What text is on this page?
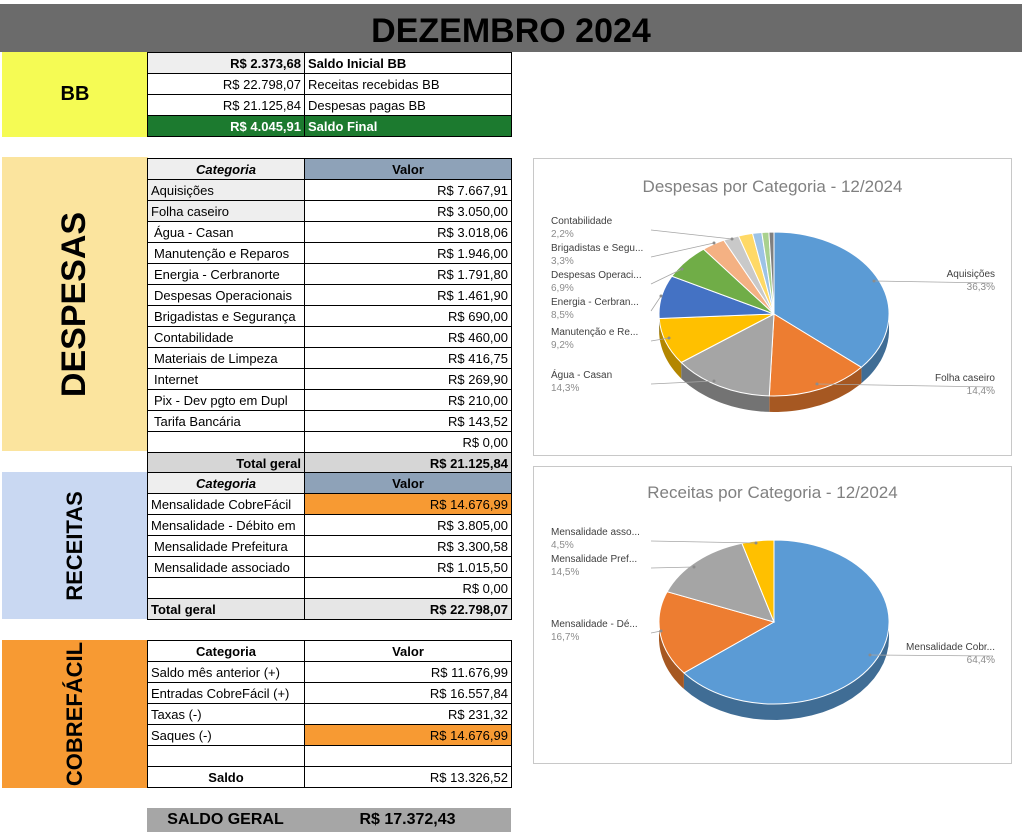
DEZEMBRO 2024
BB
R$ 2.373,68	Saldo Inicial BB
R$ 22.798,07	Receitas recebidas BB
R$ 21.125,84	Despesas pagas BB
R$ 4.045,91	Saldo Final
DESPESAS
Categoria	Valor
Aquisições	R$ 7.667,91
Folha caseiro	R$ 3.050,00
Água - Casan	R$ 3.018,06
Manutenção e Reparos	R$ 1.946,00
Energia - Cerbranorte	R$ 1.791,80
Despesas Operacionais	R$ 1.461,90
Brigadistas e Segurança	R$ 690,00
Contabilidade	R$ 460,00
Materiais de Limpeza	R$ 416,75
Internet	R$ 269,90
Pix - Dev pgto em Dupl	R$ 210,00
Tarifa Bancária	R$ 143,52
	R$ 0,00
Total geral	R$ 21.125,84
RECEITAS
Categoria	Valor
Mensalidade CobreFácil	R$ 14.676,99
Mensalidade - Débito em	R$ 3.805,00
Mensalidade Prefeitura	R$ 3.300,58
Mensalidade associado	R$ 1.015,50
	R$ 0,00
Total geral	R$ 22.798,07
COBREFÁCIL	Categoria	Valor
Saldo mês anterior (+)	R$ 11.676,99
Entradas CobreFácil (+)	R$ 16.557,84
Taxas (-)	R$ 231,32
Saques (-)	R$ 14.676,99

Saldo	R$ 13.326,52
SALDO GERAL	R$ 17.372,43
Despesas por Categoria - 12/2024
Aquisições
36,3%
Folha caseiro
14,4%
Água - Casan
14,3%
Manutenção e Re...
9,2%
Energia - Cerbran...
8,5%
Despesas Operaci...
6,9%
Brigadistas e Segu...
3,3%
Contabilidade
2,2%
Receitas por Categoria - 12/2024
Mensalidade Cobr...
64,4%
Mensalidade - Dé...
16,7%
Mensalidade Pref...
14,5%
Mensalidade asso...
4,5%
